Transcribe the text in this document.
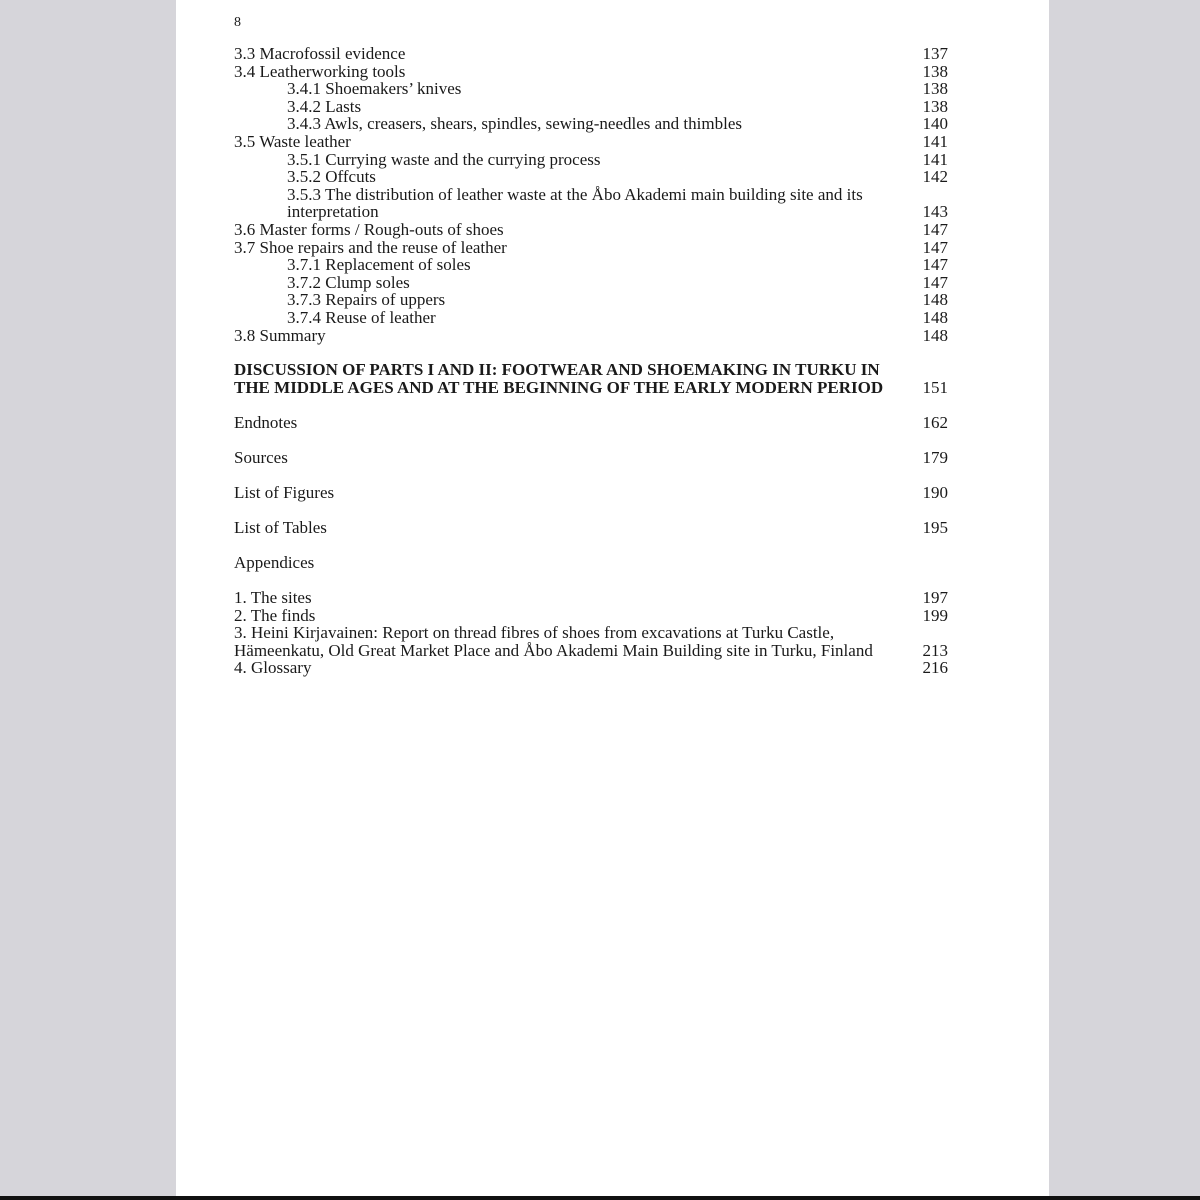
8
3.3 Macrofossil evidence	137
3.4 Leatherworking tools	138
3.4.1 Shoemakers’ knives	138
3.4.2 Lasts	138
3.4.3 Awls, creasers, shears, spindles, sewing-needles and thimbles	140
3.5 Waste leather	141
3.5.1 Currying waste and the currying process	141
3.5.2 Offcuts	142
3.5.3 The distribution of leather waste at the Åbo Akademi main building site and its interpretation	143
3.6 Master forms / Rough-outs of shoes	147
3.7 Shoe repairs and the reuse of leather	147
3.7.1 Replacement of soles	147
3.7.2 Clump soles	147
3.7.3 Repairs of uppers	148
3.7.4 Reuse of leather	148
3.8 Summary	148
DISCUSSION OF PARTS I AND II: FOOTWEAR AND SHOEMAKING IN TURKU IN THE MIDDLE AGES AND AT THE BEGINNING OF THE EARLY MODERN PERIOD 151
Endnotes	162
Sources	179
List of Figures	190
List of Tables	195
Appendices
1. The sites	197
2. The finds	199
3. Heini Kirjavainen: Report on thread fibres of shoes from excavations at Turku Castle, Hämeenkatu, Old Great Market Place and Åbo Akademi Main Building site in Turku, Finland	213
4. Glossary	216
